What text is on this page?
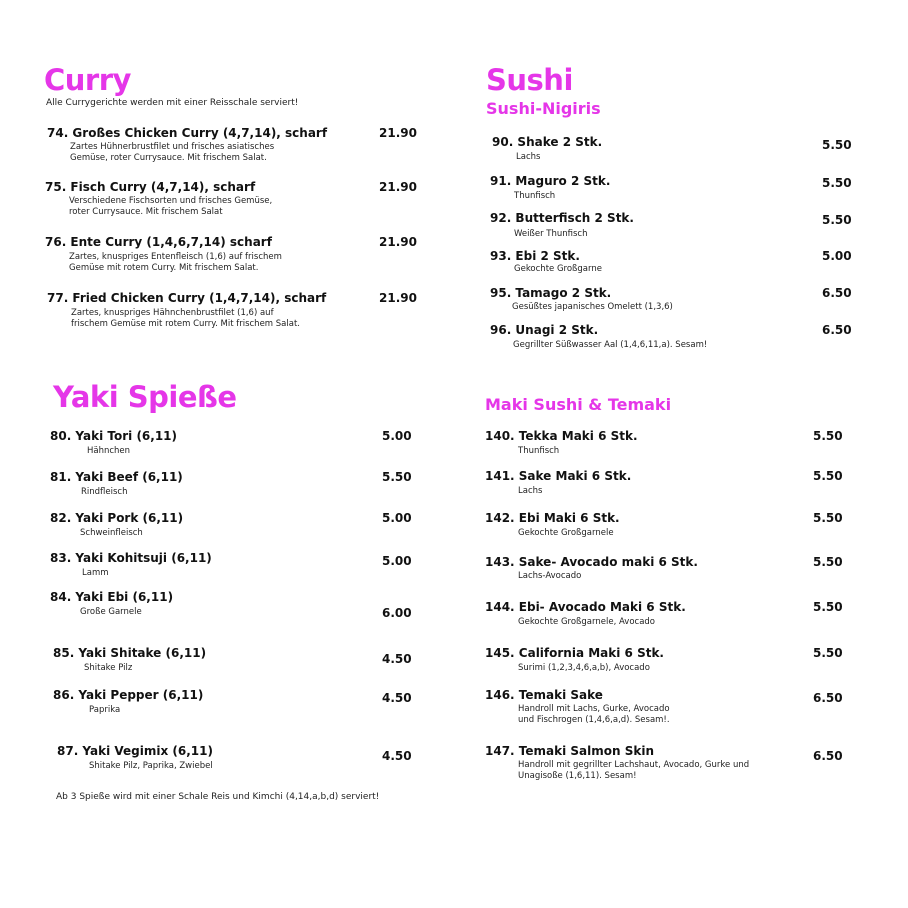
Curry
Alle Currygerichte werden mit einer Reisschale serviert!
74. Großes Chicken Curry (4,7,14), scharf
Zartes Hühnerbrustfilet und frisches asiatisches
Gemüse, roter Currysauce. Mit frischem Salat.
21.90
75. Fisch Curry (4,7,14), scharf
Verschiedene Fischsorten und frisches Gemüse,
roter Currysauce. Mit frischem Salat
21.90
76. Ente Curry (1,4,6,7,14) scharf
Zartes, knuspriges Entenfleisch (1,6) auf frischem
Gemüse mit rotem Curry. Mit frischem Salat.
21.90
77. Fried Chicken Curry (1,4,7,14), scharf
Zartes, knuspriges Hähnchenbrustfilet (1,6) auf
frischem Gemüse mit rotem Curry. Mit frischem Salat.
21.90
Yaki Spieße
80. Yaki Tori (6,11)
Hähnchen
5.00
81. Yaki Beef (6,11)
Rindfleisch
5.50
82. Yaki Pork (6,11)
Schweinfleisch
5.00
83. Yaki Kohitsuji (6,11)
Lamm
5.00
84. Yaki Ebi (6,11)
Große Garnele	6.00
85. Yaki Shitake (6,11)
Shitake Pilz
4.50
86. Yaki Pepper (6,11)
Paprika
4.50
87. Yaki Vegimix (6,11)
Shitake Pilz, Paprika, Zwiebel
4.50
Ab 3 Spieße wird mit einer Schale Reis und Kimchi (4,14,a,b,d) serviert!
Sushi
Sushi-Nigiris
90. Shake 2 Stk.
Lachs
5.50
91. Maguro 2 Stk.
Thunfisch
5.50
92. Butterfisch 2 Stk.
Weißer Thunfisch
5.50
93. Ebi 2 Stk.
Gekochte Großgarne
5.00
95. Tamago 2 Stk.
Gesüßtes japanisches Omelett (1,3,6)
6.50
96. Unagi 2 Stk.
Gegrillter Süßwasser Aal (1,4,6,11,a). Sesam!
6.50
Maki Sushi & Temaki
140. Tekka Maki 6 Stk.
Thunfisch
5.50
141. Sake Maki 6 Stk.
Lachs
5.50
142. Ebi Maki 6 Stk.
Gekochte Großgarnele
5.50
143. Sake- Avocado maki 6 Stk.
Lachs-Avocado
5.50
144. Ebi- Avocado Maki 6 Stk.
Gekochte Großgarnele, Avocado
5.50
145. California Maki 6 Stk.
Surimi (1,2,3,4,6,a,b), Avocado
5.50
146. Temaki Sake
Handroll mit Lachs, Gurke, Avocado
und Fischrogen (1,4,6,a,d). Sesam!.
6.50
147. Temaki Salmon Skin
Handroll mit gegrillter Lachshaut, Avocado, Gurke und
Unagisoße (1,6,11). Sesam!
6.50
